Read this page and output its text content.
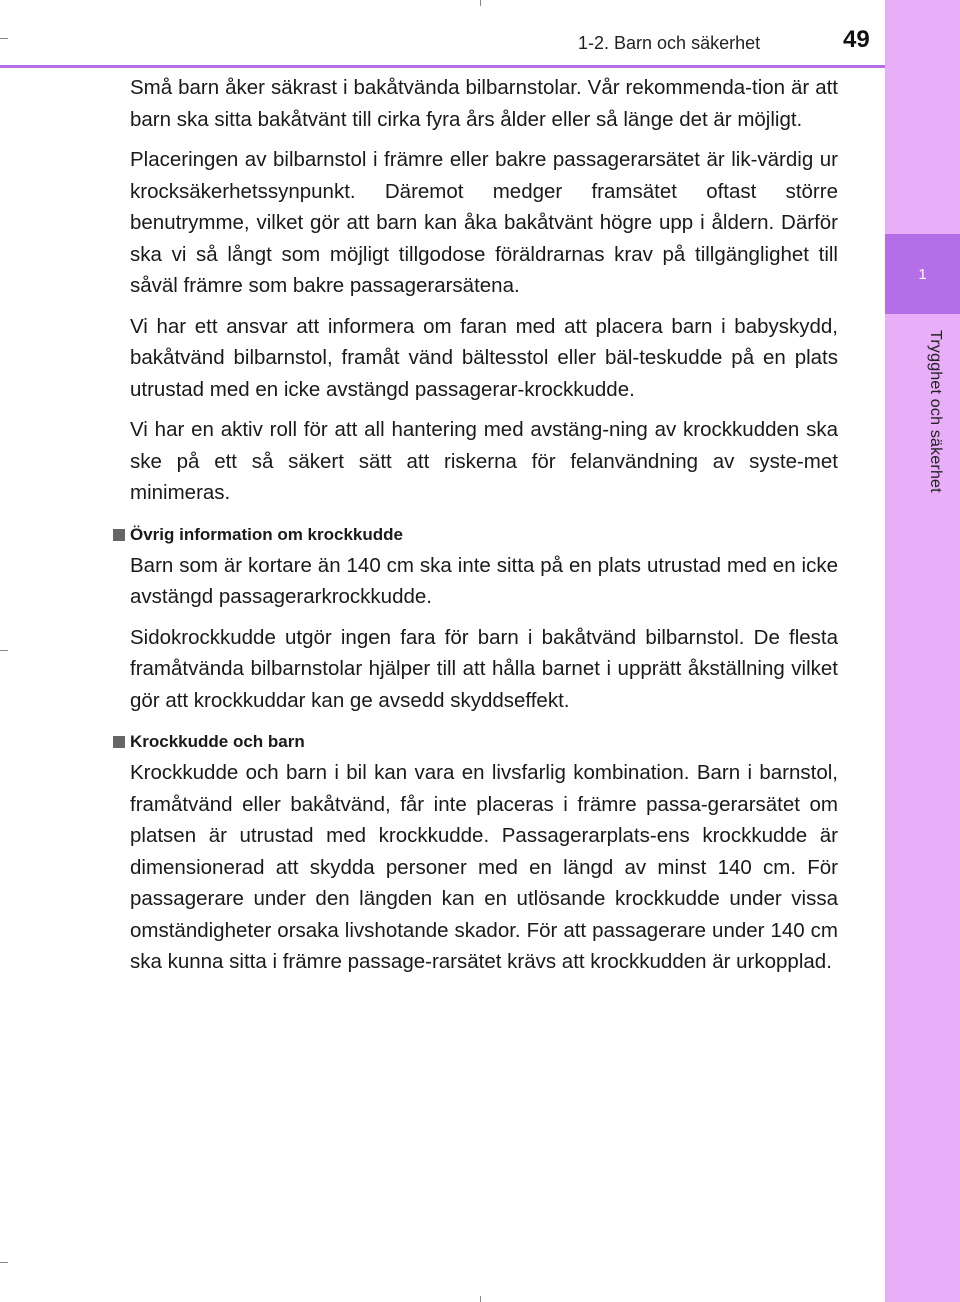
1
Trygghet och säkerhet
1-2. Barn och säkerhet	49

Små barn åker säkrast i bakåtvända bilbarnstolar. Vår rekommenda-tion är att barn ska sitta bakåtvänt till cirka fyra års ålder eller så länge det är möjligt.

Placeringen av bilbarnstol i främre eller bakre passagerarsätet är lik-värdig ur krocksäkerhetssynpunkt. Däremot medger framsätet oftast större benutrymme, vilket gör att barn kan åka bakåtvänt högre upp i åldern. Därför ska vi så långt som möjligt tillgodose föräldrarnas krav på tillgänglighet till såväl främre som bakre passagerarsätena.

Vi har ett ansvar att informera om faran med att placera barn i babyskydd, bakåtvänd bilbarnstol, framåt vänd bältesstol eller bäl-teskudde på en plats utrustad med en icke avstängd passagerar-krockkudde.

Vi har en aktiv roll för att all hantering med avstäng-ning av krockkudden ska ske på ett så säkert sätt att riskerna för felanvändning av syste-met minimeras.

Övrig information om krockkudde

Barn som är kortare än 140 cm ska inte sitta på en plats utrustad med en icke avstängd passagerarkrockkudde.

Sidokrockkudde utgör ingen fara för barn i bakåtvänd bilbarnstol. De flesta framåtvända bilbarnstolar hjälper till att hålla barnet i upprätt åkställning vilket gör att krockkuddar kan ge avsedd skyddseffekt.

Krockkudde och barn

Krockkudde och barn i bil kan vara en livsfarlig kombination. Barn i barnstol, framåtvänd eller bakåtvänd, får inte placeras i främre passa-gerarsätet om platsen är utrustad med krockkudde. Passagerarplats-ens krockkudde är dimensionerad att skydda personer med en längd av minst 140 cm. För passagerare under den längden kan en utlösande krockkudde under vissa omständigheter orsaka livshotande skador. För att passagerare under 140 cm ska kunna sitta i främre passage-rarsätet krävs att krockkudden är urkopplad.
